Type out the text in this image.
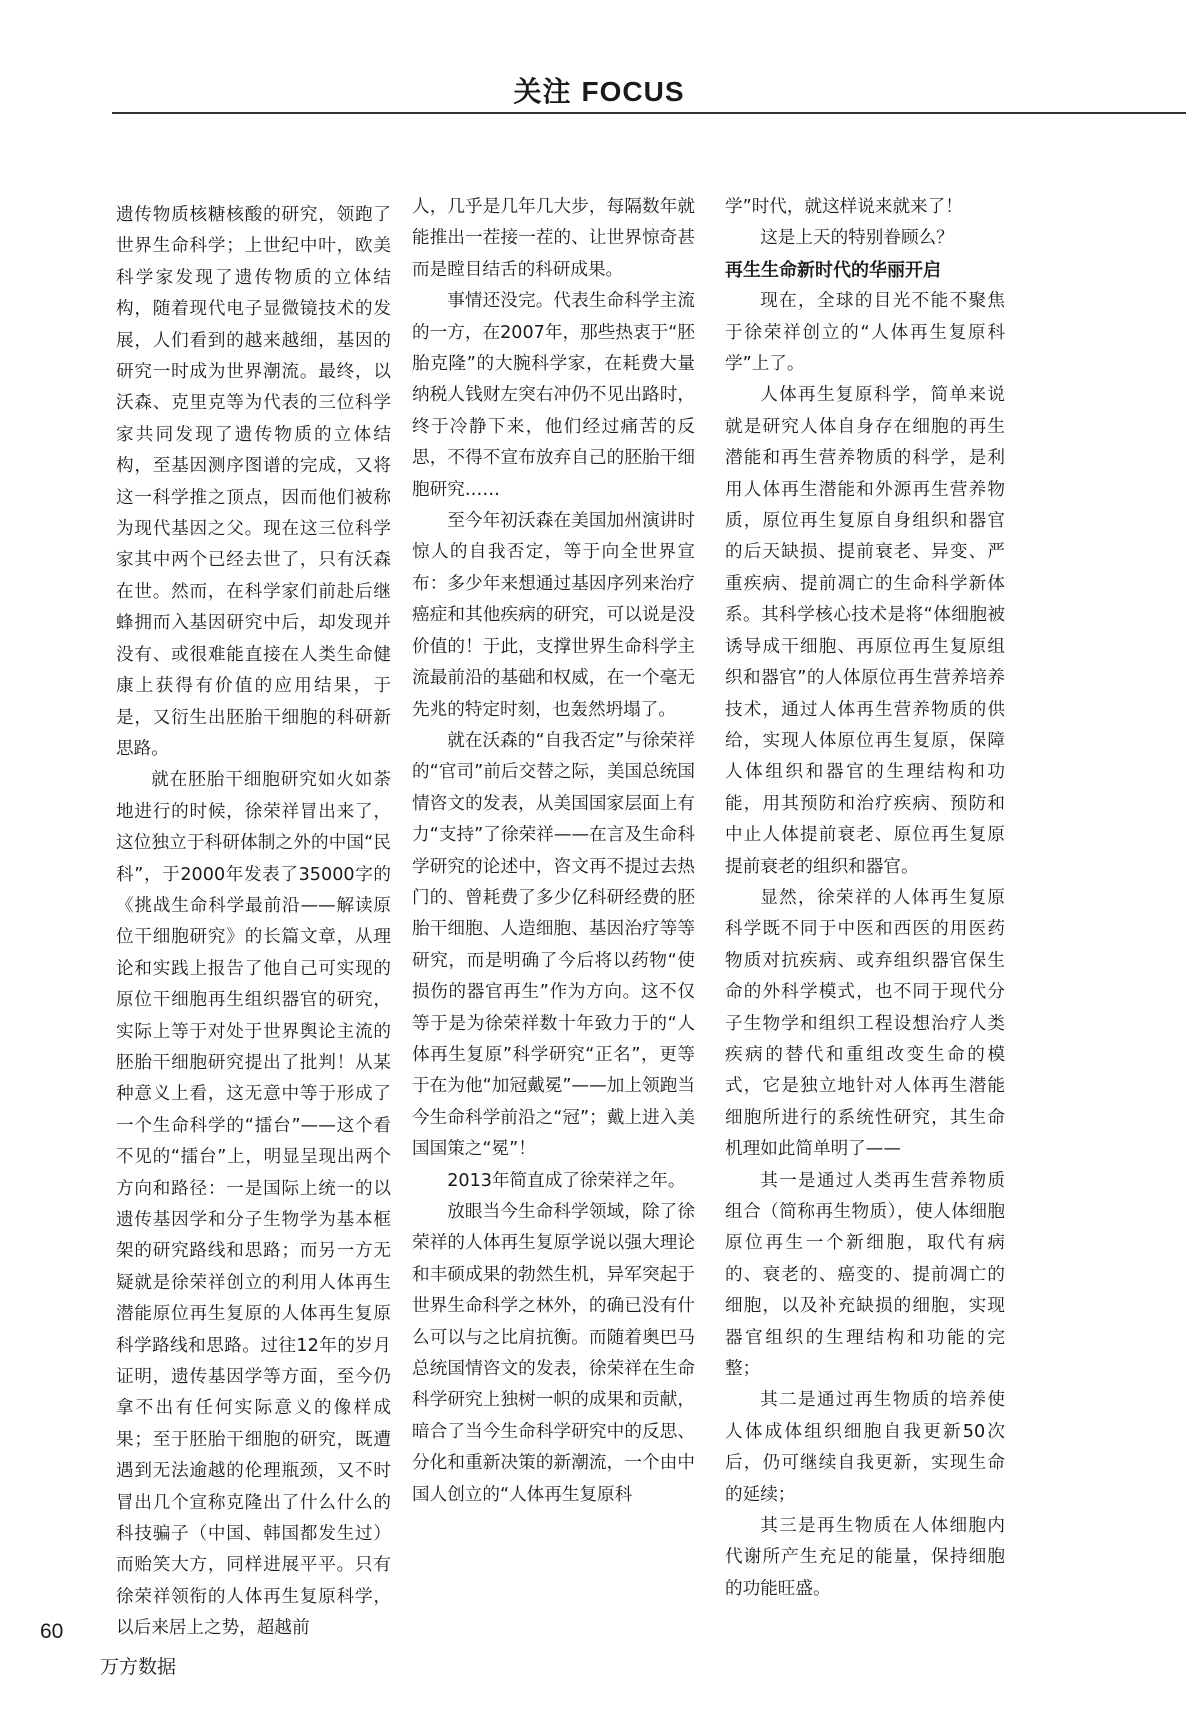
关注 FOCUS

遗传物质核糖核酸的研究，领跑了世界生命科学；上世纪中叶，欧美科学家发现了遗传物质的立体结构，随着现代电子显微镜技术的发展，人们看到的越来越细，基因的研究一时成为世界潮流。最终，以沃森、克里克等为代表的三位科学家共同发现了遗传物质的立体结构，至基因测序图谱的完成，又将这一科学推之顶点，因而他们被称为现代基因之父。现在这三位科学家其中两个已经去世了，只有沃森在世。然而，在科学家们前赴后继蜂拥而入基因研究中后，却发现并没有、或很难能直接在人类生命健康上获得有价值的应用结果，于是，又衍生出胚胎干细胞的科研新思路。

就在胚胎干细胞研究如火如荼地进行的时候，徐荣祥冒出来了，这位独立于科研体制之外的中国“民科”，于2000年发表了35000字的《挑战生命科学最前沿——解读原位干细胞研究》的长篇文章，从理论和实践上报告了他自己可实现的原位干细胞再生组织器官的研究，实际上等于对处于世界舆论主流的胚胎干细胞研究提出了批判！从某种意义上看，这无意中等于形成了一个生命科学的“擂台”——这个看不见的“擂台”上，明显呈现出两个方向和路径：一是国际上统一的以遗传基因学和分子生物学为基本框架的研究路线和思路；而另一方无疑就是徐荣祥创立的利用人体再生潜能原位再生复原的人体再生复原科学路线和思路。过往12年的岁月证明，遗传基因学等方面，至今仍拿不出有任何实际意义的像样成果；至于胚胎干细胞的研究，既遭遇到无法逾越的伦理瓶颈，又不时冒出几个宣称克隆出了什么什么的科技骗子（中国、韩国都发生过）而贻笑大方，同样进展平平。只有徐荣祥领衔的人体再生复原科学，以后来居上之势，超越前

人，几乎是几年几大步，每隔数年就能推出一茬接一茬的、让世界惊奇甚而是瞠目结舌的科研成果。

事情还没完。代表生命科学主流的一方，在2007年，那些热衷于“胚胎克隆”的大腕科学家，在耗费大量纳税人钱财左突右冲仍不见出路时，终于冷静下来，他们经过痛苦的反思，不得不宣布放弃自己的胚胎干细胞研究……

至今年初沃森在美国加州演讲时惊人的自我否定，等于向全世界宣布：多少年来想通过基因序列来治疗癌症和其他疾病的研究，可以说是没价值的！于此，支撑世界生命科学主流最前沿的基础和权威，在一个毫无先兆的特定时刻，也轰然坍塌了。

就在沃森的“自我否定”与徐荣祥的“官司”前后交替之际，美国总统国情咨文的发表，从美国国家层面上有力“支持”了徐荣祥——在言及生命科学研究的论述中，咨文再不提过去热门的、曾耗费了多少亿科研经费的胚胎干细胞、人造细胞、基因治疗等等研究，而是明确了今后将以药物“使损伤的器官再生”作为方向。这不仅等于是为徐荣祥数十年致力于的“人体再生复原”科学研究“正名”，更等于在为他“加冠戴冕”——加上领跑当今生命科学前沿之“冠”；戴上进入美国国策之“冕”！

2013年简直成了徐荣祥之年。

放眼当今生命科学领域，除了徐荣祥的人体再生复原学说以强大理论和丰硕成果的勃然生机，异军突起于世界生命科学之林外，的确已没有什么可以与之比肩抗衡。而随着奥巴马总统国情咨文的发表，徐荣祥在生命科学研究上独树一帜的成果和贡献，暗合了当今生命科学研究中的反思、分化和重新决策的新潮流，一个由中国人创立的“人体再生复原科

学”时代，就这样说来就来了！

这是上天的特别眷顾么？

再生生命新时代的华丽开启

现在，全球的目光不能不聚焦于徐荣祥创立的“人体再生复原科学”上了。

人体再生复原科学，简单来说就是研究人体自身存在细胞的再生潜能和再生营养物质的科学，是利用人体再生潜能和外源再生营养物质，原位再生复原自身组织和器官的后天缺损、提前衰老、异变、严重疾病、提前凋亡的生命科学新体系。其科学核心技术是将“体细胞被诱导成干细胞、再原位再生复原组织和器官”的人体原位再生营养培养技术，通过人体再生营养物质的供给，实现人体原位再生复原，保障人体组织和器官的生理结构和功能，用其预防和治疗疾病、预防和中止人体提前衰老、原位再生复原提前衰老的组织和器官。

显然，徐荣祥的人体再生复原科学既不同于中医和西医的用医药物质对抗疾病、或弃组织器官保生命的外科学模式，也不同于现代分子生物学和组织工程设想治疗人类疾病的替代和重组改变生命的模式，它是独立地针对人体再生潜能细胞所进行的系统性研究，其生命机理如此简单明了——

其一是通过人类再生营养物质组合（简称再生物质），使人体细胞原位再生一个新细胞，取代有病的、衰老的、癌变的、提前凋亡的细胞，以及补充缺损的细胞，实现器官组织的生理结构和功能的完整；

其二是通过再生物质的培养使人体成体组织细胞自我更新50次后，仍可继续自我更新，实现生命的延续；

其三是再生物质在人体细胞内代谢所产生充足的能量，保持细胞的功能旺盛。

60
万方数据
